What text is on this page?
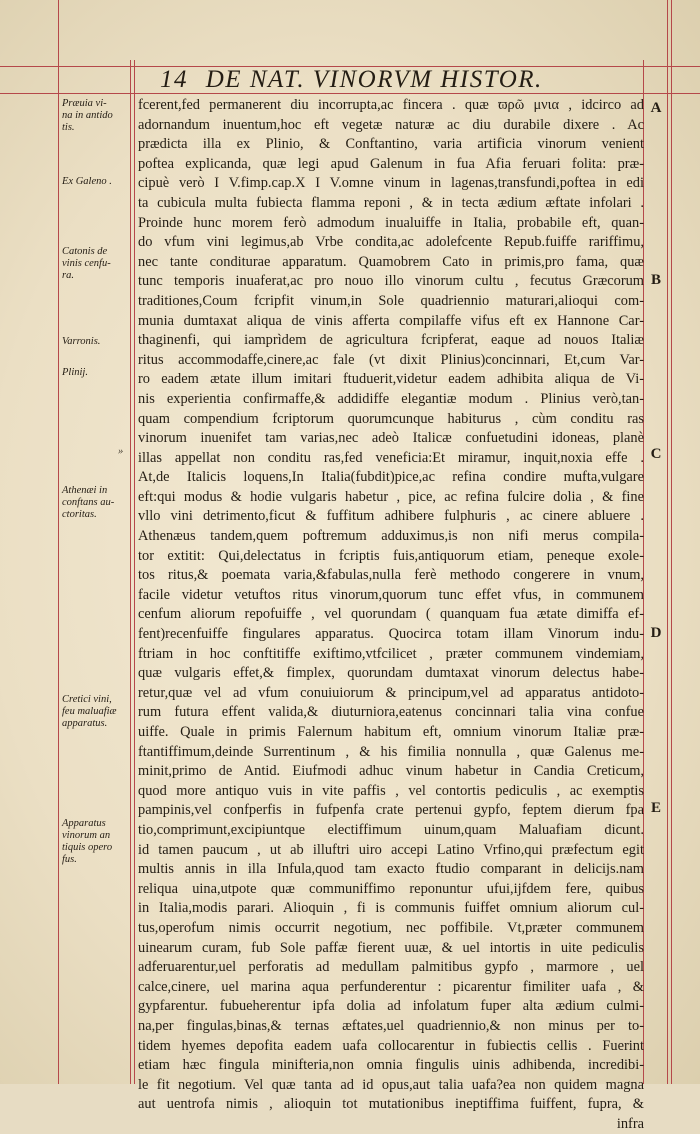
14 DE NAT. VINORVM HISTOR.
fcerent,fed permanerent diu incorrupta,ac fincera . quæ ϖρῶ μνια , idcirco ad
adornandum inuentum,hoc eft vegetæ naturæ ac diu durabile dixere . Ac
prædicta illa ex Plinio, & Conftantino, varia artificia vinorum venient
poftea explicanda, quæ legi apud Galenum in fua Afia feruari folita: præ-
cipuè verò I V.fimp.cap.X I V.omne vinum in lagenas,transfundi,poftea in edi
ta cubicula multa fubiecta flamma reponi , & in tecta ædium æftate infolari .
Proinde hunc morem ferò admodum inualuiffe in Italia, probabile eft, quan-
do vfum vini legimus,ab Vrbe condita,ac adolefcente Repub.fuiffe rariffimu,
nec tante conditurae apparatum. Quamobrem Cato in primis,pro fama, quæ
tunc temporis inuaferat,ac pro nouo illo vinorum cultu , fecutus Græcorum
traditiones,Coum fcripfit vinum,in Sole quadriennio maturari,alioqui com-
munia dumtaxat aliqua de vinis afferta compilaffe vifus eft ex Hannone Car-
thaginenfi, qui iamprìdem de agricultura fcripferat, eaque ad nouos Italiæ
ritus accommodaffe,cinere,ac fale (vt dixit Plinius)concinnari, Et,cum Var-
ro eadem ætate illum imitari ftuduerit,videtur eadem adhibita aliqua de Vi-
nis experientia confirmaffe,& addidiffe elegantiæ modum . Plinius verò,tan-
quam compendium fcriptorum quorumcunque habiturus , cùm conditu ras
vinorum inuenifet tam varias,nec adeò Italicæ confuetudini idoneas, planè
illas appellat non conditu ras,fed veneficia:Et miramur, inquit,noxia effe .
At,de Italicis loquens,In Italia(fubdit)pice,ac refina condire mufta,vulgare
eft:qui modus & hodie vulgaris habetur , pice, ac refina fulcire dolia , & fine
vllo vini detrimento,ficut & fuffitum adhibere fulphuris , ac cinere abluere .
Athenæus tandem,quem poftremum adduximus,is non nifi merus compila-
tor extitit: Qui,delectatus in fcriptis fuis,antiquorum etiam, peneque exole-
tos ritus,& poemata varia,&fabulas,nulla ferè methodo congerere in vnum,
facile videtur vetuftos ritus vinorum,quorum tunc effet vfus, in communem
cenfum aliorum repofuiffe , vel quorundam ( quanquam fua ætate dimiffa ef-
fent)recenfuiffe fingulares apparatus. Quocirca totam illam Vinorum indu-
ftriam in hoc conftitiffe exiftimo,vtfcilicet , præter communem vindemiam,
quæ vulgaris effet,& fimplex, quorundam dumtaxat vinorum delectus habe-
retur,quæ vel ad vfum conuiuiorum & principum,vel ad apparatus antidoto-
rum futura effent valida,& diuturniora,eatenus concinnari talia vina confue
uiffe. Quale in primis Falernum habitum eft, omnium vinorum Italiæ præ-
ftantiffimum,deinde Surrentinum , & his fimilia nonnulla , quæ Galenus me-
minit,primo de Antid. Eiufmodi adhuc vinum habetur in Candia Creticum,
quod more antiquo vuis in vite paffis , vel contortis pediculis , ac exemptis
pampinis,vel confperfis in fufpenfa crate pertenui gypfo, feptem dierum fpa
tio,comprimunt,excipiuntque electiffimum uinum,quam Maluafiam dicunt.
id tamen paucum , ut ab illuftri uiro accepi Latino Vrfino,qui præfectum egit
multis annis in illa Infula,quod tam exacto ftudio comparant in delicijs.nam
reliqua uina,utpote quæ communiffimo reponuntur ufui,ijfdem fere, quibus
in Italia,modis parari. Alioquin , fi is communis fuiffet omnium aliorum cul-
tus,operofum nimis occurrit negotium, nec poffibile. Vt,præter communem
uinearum curam, fub Sole paffæ fierent uuæ, & uel intortis in uite pediculis
adferuarentur,uel perforatis ad medullam palmitibus gypfo , marmore , uel
calce,cinere, uel marina aqua perfunderentur : picarentur fimiliter uafa , &
gypfarentur. fubueherentur ipfa dolia ad infolatum fuper alta ædium culmi-
na,per fingulas,binas,& ternas æftates,uel quadriennio,& non minus per to-
tidem hyemes depofita eadem uafa collocarentur in fubiectis cellis . Fuerint
etiam hæc fingula minifteria,non omnia fingulis uinis adhibenda, incredibi-
le fit negotium. Vel quæ tanta ad id opus,aut talia uafa?ea non quidem magna
aut uentrofa nimis , alioquin tot mutationibus ineptiffima fuiffent, fupra, &
infra
Præuia vi-
na in antido
tis.
Ex Galeno .
Catonis de
vinis cenfu-
ra.
Varronis.
Plinij.
»
Athenæi in
conftans au-
ctoritas.
Cretici vini,
feu maluafiæ
apparatus.
Apparatus
vinorum an
tiquis opero
fus.
A
B
C
D
E
